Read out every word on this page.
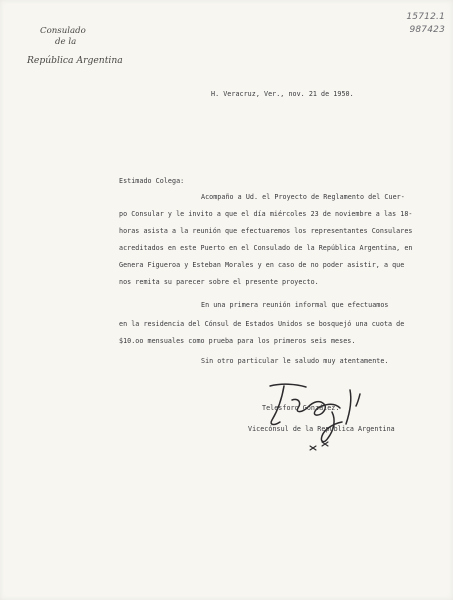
15712.1
987423
Consulado
de la
República Argentina
H. Veracruz, Ver., nov. 21 de 1950.
Estimado Colega:
Acompaño a Ud. el Proyecto de Reglamento del Cuer-
po Consular y le invito a que el día miércoles 23 de noviembre a las 18-
horas asista a la reunión que efectuaremos los representantes Consulares
acreditados en este Puerto en el Consulado de la República Argentina, en
Genera Figueroa y Esteban Morales y en caso de no poder asistir, a que
nos remita su parecer sobre el presente proyecto.
En una primera reunión informal que efectuamos
en la residencia del Cónsul de Estados Unidos se bosquejó una cuota de
$10.oo mensuales como prueba para los primeros seis meses.
Sin otro particular le saludo muy atentamente.
Telesforo González.
Vicecónsul de la República Argentina
